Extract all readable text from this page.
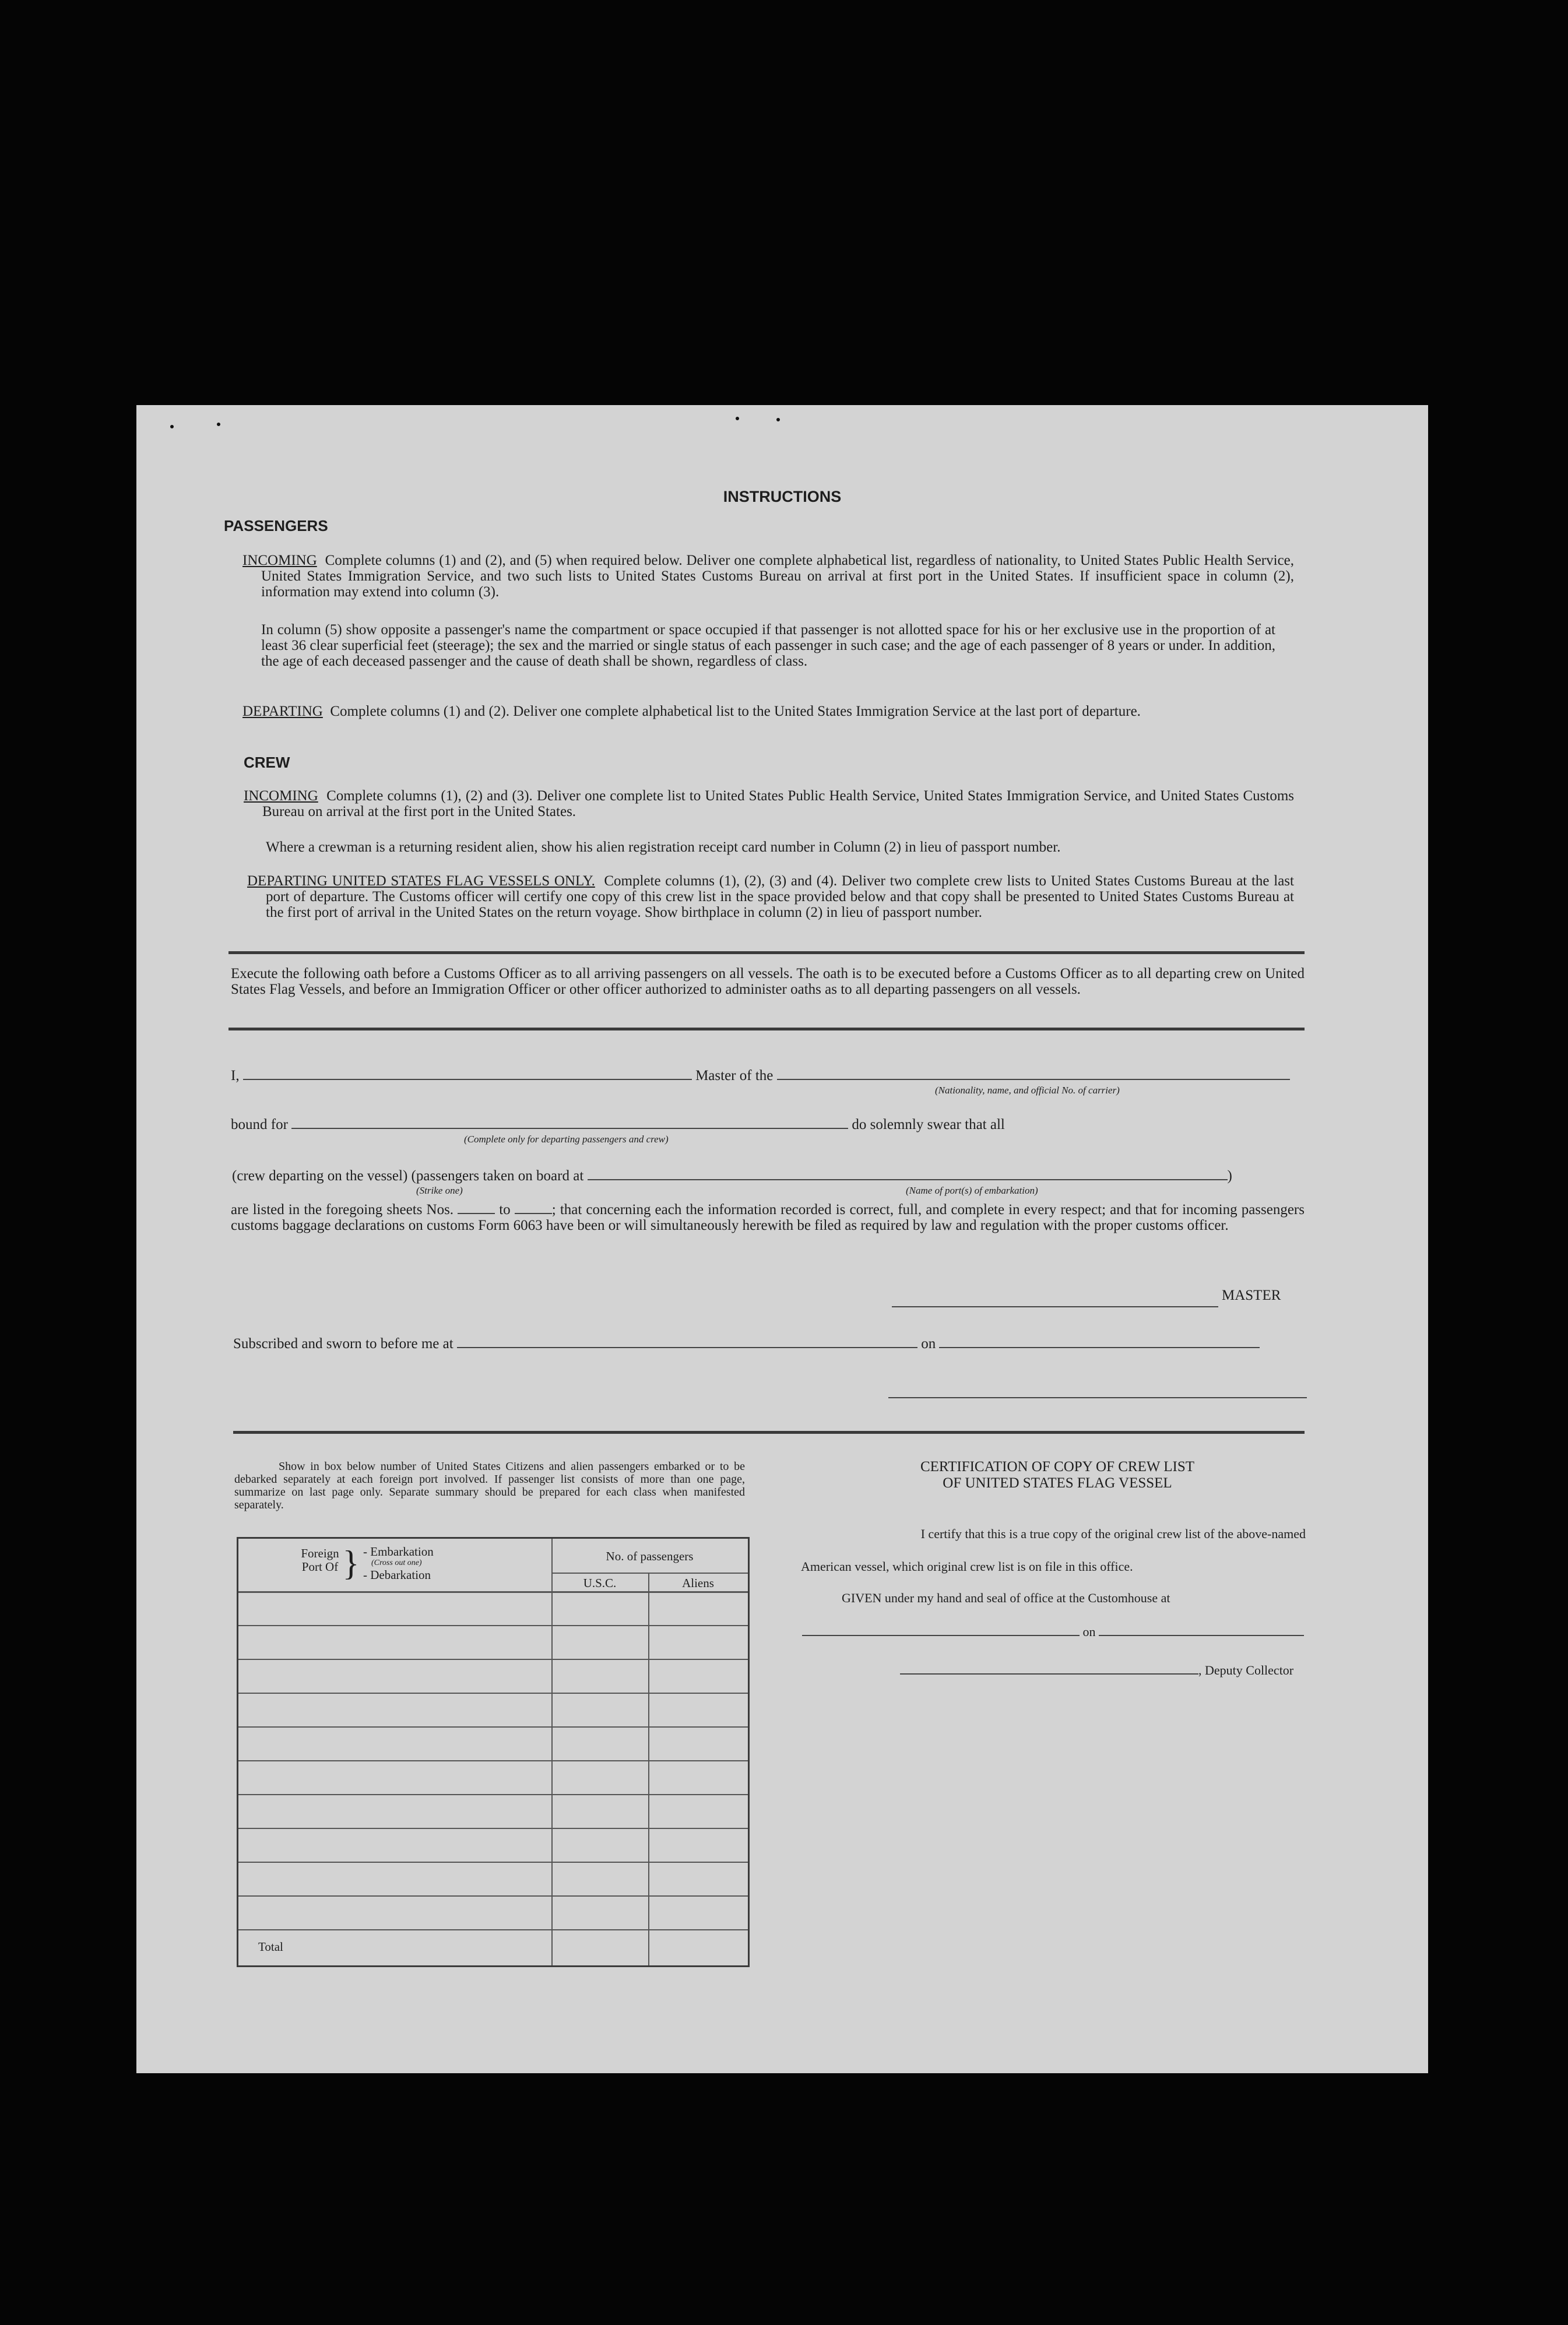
INSTRUCTIONS
PASSENGERS
INCOMING Complete columns (1) and (2), and (5) when required below. Deliver one complete alphabetical list, regardless of nationality, to United States Public Health Service, United States Immigration Service, and two such lists to United States Customs Bureau on arrival at first port in the United States. If insufficient space in column (2), information may extend into column (3).
In column (5) show opposite a passenger's name the compartment or space occupied if that passenger is not allotted space for his or her exclusive use in the proportion of at least 36 clear superficial feet (steerage); the sex and the married or single status of each passenger in such case; and the age of each passenger of 8 years or under. In addition, the age of each deceased passenger and the cause of death shall be shown, regardless of class.
DEPARTING Complete columns (1) and (2). Deliver one complete alphabetical list to the United States Immigration Service at the last port of departure.
CREW
INCOMING Complete columns (1), (2) and (3). Deliver one complete list to United States Public Health Service, United States Immigration Service, and United States Customs Bureau on arrival at the first port in the United States.
Where a crewman is a returning resident alien, show his alien registration receipt card number in Column (2) in lieu of passport number.
DEPARTING UNITED STATES FLAG VESSELS ONLY. Complete columns (1), (2), (3) and (4). Deliver two complete crew lists to United States Customs Bureau at the last port of departure. The Customs officer will certify one copy of this crew list in the space provided below and that copy shall be presented to United States Customs Bureau at the first port of arrival in the United States on the return voyage. Show birthplace in column (2) in lieu of passport number.
Execute the following oath before a Customs Officer as to all arriving passengers on all vessels. The oath is to be executed before a Customs Officer as to all departing crew on United States Flag Vessels, and before an Immigration Officer or other officer authorized to administer oaths as to all departing passengers on all vessels.
I,	Master of the
(Nationality, name, and official No. of carrier)
bound for	do solemnly swear that all
(Complete only for departing passengers and crew)
(crew departing on the vessel) (passengers taken on board at	)
(Strike one)	(Name of port(s) of embarkation)
are listed in the foregoing sheets Nos.	to	; that concerning each the information recorded is correct, full, and complete in every respect; and that for incoming passengers customs baggage declarations on customs Form 6063 have been or will simultaneously herewith be filed as required by law and regulation with the proper customs officer.
MASTER
Subscribed and sworn to before me at	on
Show in box below number of United States Citizens and alien passengers embarked or to be debarked separately at each foreign port involved. If passenger list consists of more than one page, summarize on last page only. Separate summary should be prepared for each class when manifested separately.
Foreign Port Of } - Embarkation
(Cross out one)
- Debarkation
No. of passengers
U.S.C.	Aliens
Total
CERTIFICATION OF COPY OF CREW LIST
OF UNITED STATES FLAG VESSEL
I certify that this is a true copy of the original crew list of the above-named
American vessel, which original crew list is on file in this office.
GIVEN under my hand and seal of office at the Customhouse at
on
, Deputy Collector
